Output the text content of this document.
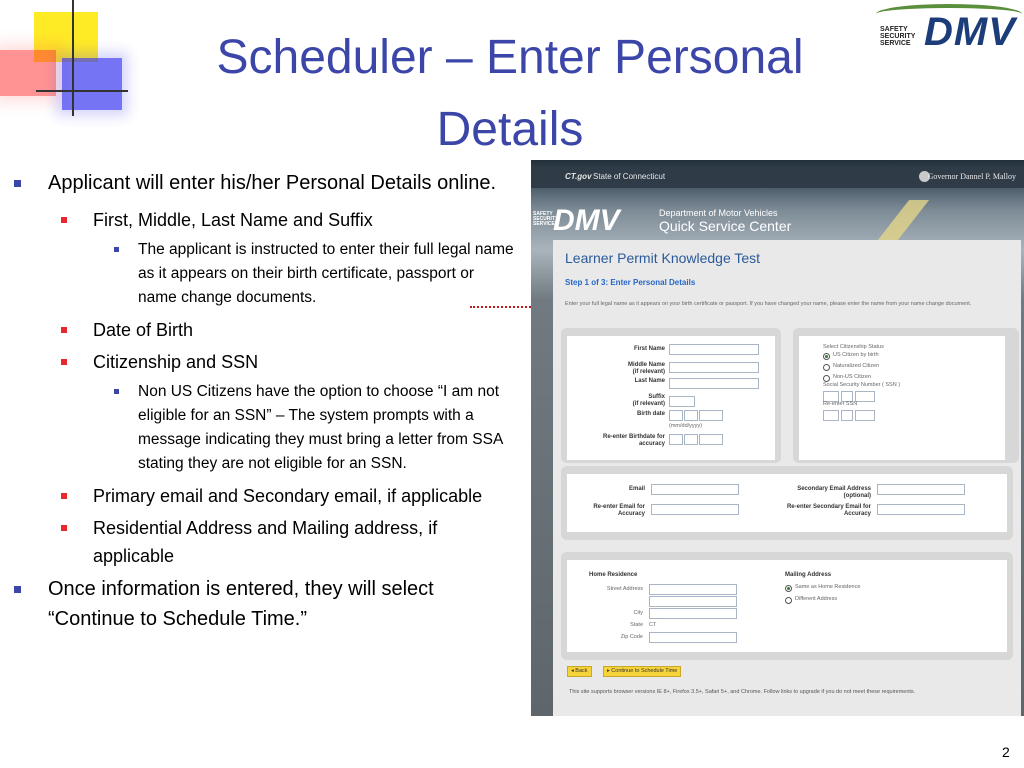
Scheduler – Enter Personal Details
SAFETY SECURITY SERVICE DMV
Applicant will enter his/her Personal Details online.
First, Middle, Last Name and Suffix
The applicant is instructed to enter their full legal name as it appears on their birth certificate, passport or name change documents.
Date of Birth
Citizenship and SSN
Non US Citizens have the option to choose “I am not eligible for an SSN” – The system prompts with a message indicating they must bring a letter from SSA stating they are not eligible for an SSN.
Primary email and Secondary email, if applicable
Residential Address and Mailing address, if applicable
Once information is entered, they will select “Continue to Schedule Time.”
CT.gov State of Connecticut	Governor Dannel P. Malloy
SAFETY SECURITY SERVICE
DMV	Department of Motor Vehicles
Quick Service Center
Learner Permit Knowledge Test
Step 1 of 3: Enter Personal Details
Enter your full legal name as it appears on your birth certificate or passport. If you have changed your name, please enter the name from your name change document.
First Name
Middle Name
(if relevant)
Last Name
Suffix
(if relevant)
Birth date
(mm/dd/yyyy)
Re-enter Birthdate for
accuracy
Select Citizenship Status
US Citizen by birth
Naturalized Citizen
Non-US Citizen
Social Security Number ( SSN )
Re-enter SSN
Email
Re-enter Email for
Accuracy
Secondary Email Address
(optional)
Re-enter Secondary Email for
Accuracy
Home Residence
Street Address
City
State CT
Zip Code
Mailing Address
Same as Home Residence
Different Address
◂ Back	▸ Continue to Schedule Time
This site supports browser versions IE 8+, Firefox 3.5+, Safari 5+, and Chrome. Follow links to upgrade if you do not meet these requirements.
2
